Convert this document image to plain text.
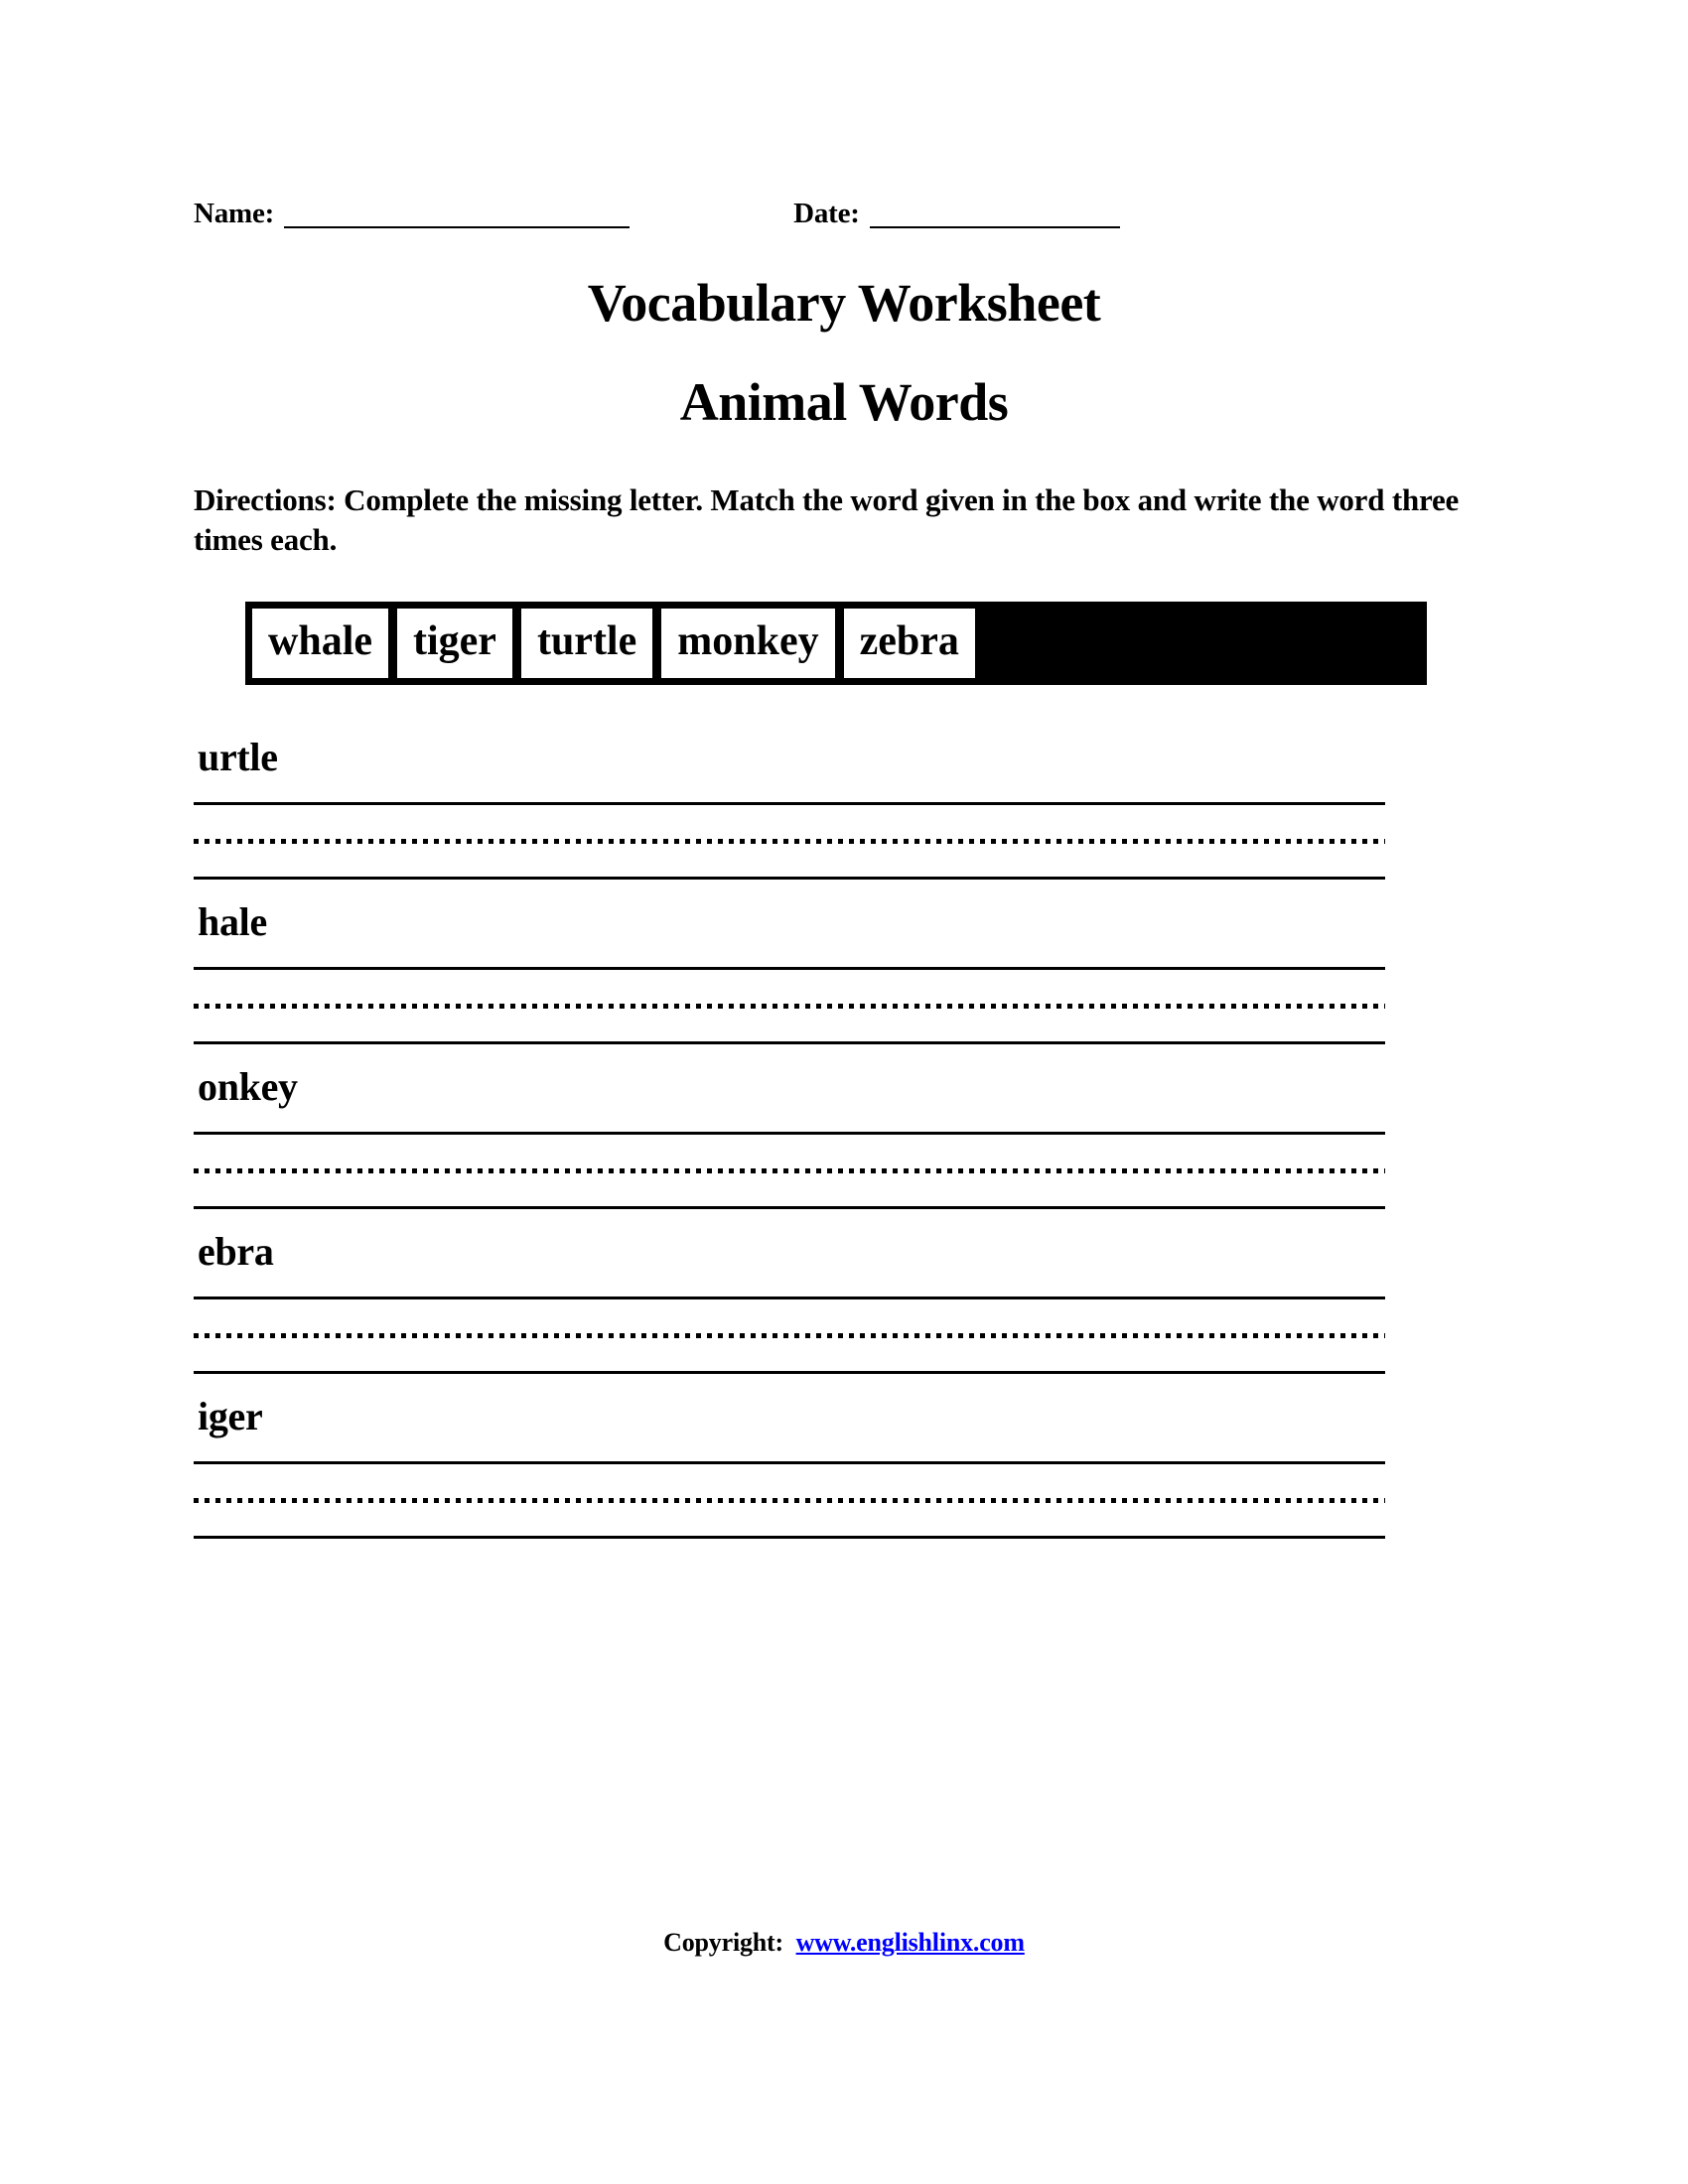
Name:	Date:
Vocabulary Worksheet
Animal Words
Directions: Complete the missing letter. Match the word given in the box and write the word three times each.
whale tiger turtle monkey zebra
urtle
hale
onkey
ebra
iger
Copyright: www.englishlinx.com
